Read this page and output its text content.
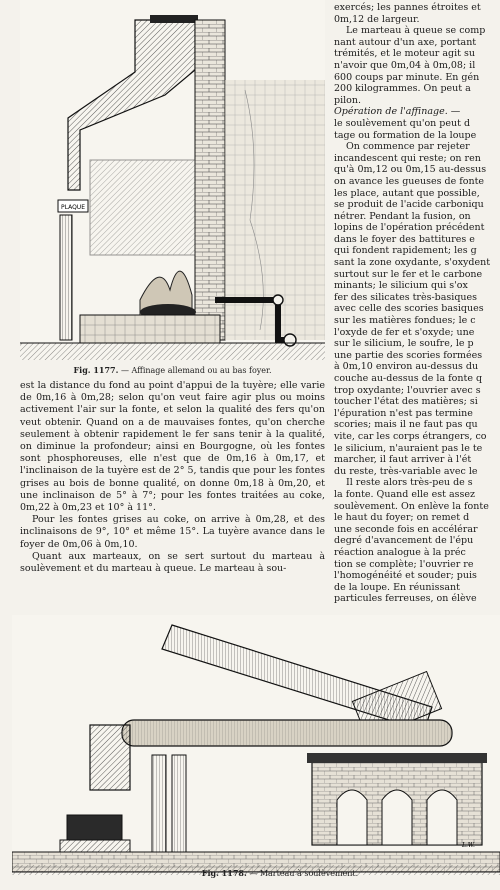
PLAQUE
Fig. 1177. — Affinage allemand ou au bas foyer.

est la distance du fond au point d'appui de la tuyère; elle varie de 0m,16 à 0m,28; selon qu'on veut faire agir plus ou moins activement l'air sur la fonte, et selon la qualité des fers qu'on veut obtenir. Quand on a de mauvaises fontes, qu'on cherche seulement à obtenir rapidement le fer sans tenir à la qualité, on diminue la profondeur; ainsi en Bourgogne, où les fontes sont phosphoreuses, elle n'est que de 0m,16 à 0m,17, et l'inclinaison de la tuyère est de 2° 5, tandis que pour les fontes grises au bois de bonne qualité, on donne 0m,18 à 0m,20, et une inclinaison de 5° à 7°; pour les fontes traitées au coke, 0m,22 à 0m,23 et 10° à 11°.

Pour les fontes grises au coke, on arrive à 0m,28, et des inclinaisons de 9°, 10° et même 15°. La tuyère avance dans le foyer de 0m,06 à 0m,10.

Quant aux marteaux, on se sert surtout du marteau à soulèvement et du marteau à queue. Le marteau à sou-

exercés; les pannes étroites et

0m,12 de largeur.

Le marteau à queue se comp

nant autour d'un axe, portant

trémités, et le moteur agit su

n'avoir que 0m,04 à 0m,08; il

600 coups par minute. En gén

200 kilogrammes. On peut a

pilon.

Opération de l'affinage. —

le soulèvement qu'on peut d

tage ou formation de la loupe

On commence par rejeter

incandescent qui reste; on ren

qu'à 0m,12 ou 0m,15 au-dessus

on avance les gueuses de fonte

les place, autant que possible,

se produit de l'acide carboniqu

nétrer. Pendant la fusion, on

lopins de l'opération précédent

dans le foyer des battitures e

qui fondent rapidement; les g

sant la zone oxydante, s'oxydent

surtout sur le fer et le carbone

minants; le silicium qui s'ox

fer des silicates très-basiques

avec celle des scories basiques

sur les matières fondues; le c

l'oxyde de fer et s'oxyde; une

sur le silicium, le soufre, le p

une partie des scories formées

à 0m,10 environ au-dessus du

couche au-dessus de la fonte q

trop oxydante; l'ouvrier avec s

toucher l'état des matières; si

l'épuration n'est pas termine

scories; mais il ne faut pas qu

vite, car les corps étrangers, co

le silicium, n'auraient pas le te

marcher, il faut arriver à l'ét

du reste, très-variable avec le

Il reste alors très-peu de s

la fonte. Quand elle est assez

soulèvement. On enlève la fonte

le haut du foyer; on remet d

une seconde fois en accélérar

degré d'avancement de l'épu

réaction analogue à la préc

tion se complète; l'ouvrier re

l'homogénéité et souder; puis

de la loupe. En réunissant

particules ferreuses, on élève

L.W.
Fig. 1178. — Marteau à soulèvement.
